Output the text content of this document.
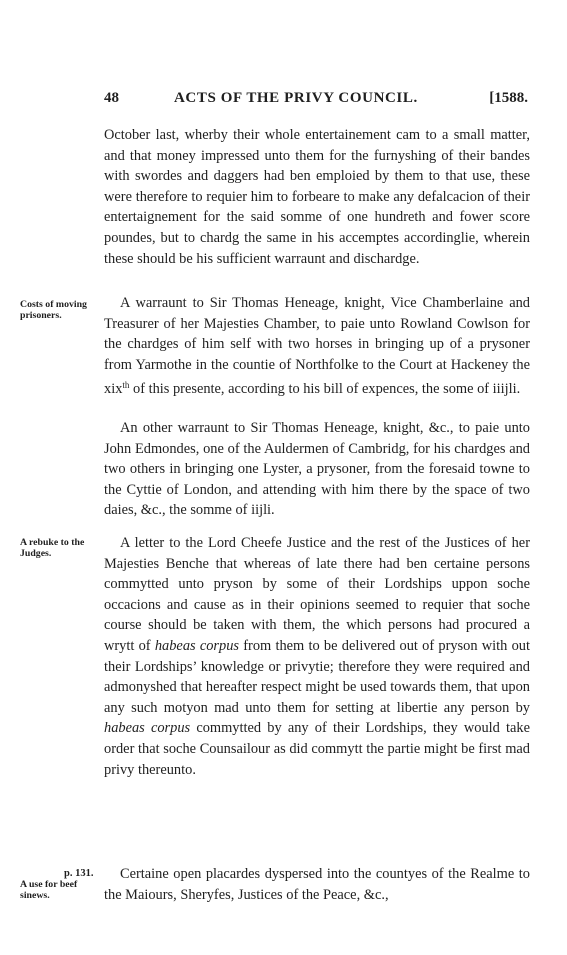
48	ACTS OF THE PRIVY COUNCIL.	[1588.

October last, wherby their whole entertainement cam to a small matter, and that money impressed unto them for the furnyshing of their bandes with swordes and daggers had ben emploied by them to that use, these were therefore to requier him to forbeare to make any defalcacion of their entertaignement for the said somme of one hundreth and fower score poundes, but to chardg the same in his accemptes accordinglie, wherein these should be his sufficient warraunt and dischardge.

Costs of moving prisoners.

A warraunt to Sir Thomas Heneage, knight, Vice Chamberlaine and Treasurer of her Majesties Chamber, to paie unto Rowland Cowlson for the chardges of him self with two horses in bringing up of a prysoner from Yarmothe in the countie of Northfolke to the Court at Hackeney the xix$^{th}$ of this presente, according to his bill of expences, the some of iiijli.

An other warraunt to Sir Thomas Heneage, knight, &c., to paie unto John Edmondes, one of the Auldermen of Cambridg, for his chardges and two others in bringing one Lyster, a prysoner, from the foresaid towne to the Cyttie of London, and attending with him there by the space of two daies, &c., the somme of iijli.

A rebuke to the Judges.

A letter to the Lord Cheefe Justice and the rest of the Justices of her Majesties Benche that whereas of late there had ben certaine persons commytted unto pryson by some of their Lordships uppon soche occacions and cause as in their opinions seemed to requier that soche course should be taken with them, the which persons had procured a wrytt of habeas corpus from them to be delivered out of pryson with out their Lordships’ knowledge or privytie; therefore they were required and admonyshed that hereafter respect might be used towards them, that upon any such motyon mad unto them for setting at libertie any person by habeas corpus commytted by any of their Lordships, they would take order that soche Counsailour as did commytt the partie might be first mad privy thereunto.

p. 131.
A use for beef sinews.

Certaine open placardes dyspersed into the countyes of the Realme to the Maiours, Sheryfes, Justices of the Peace, &c.,
